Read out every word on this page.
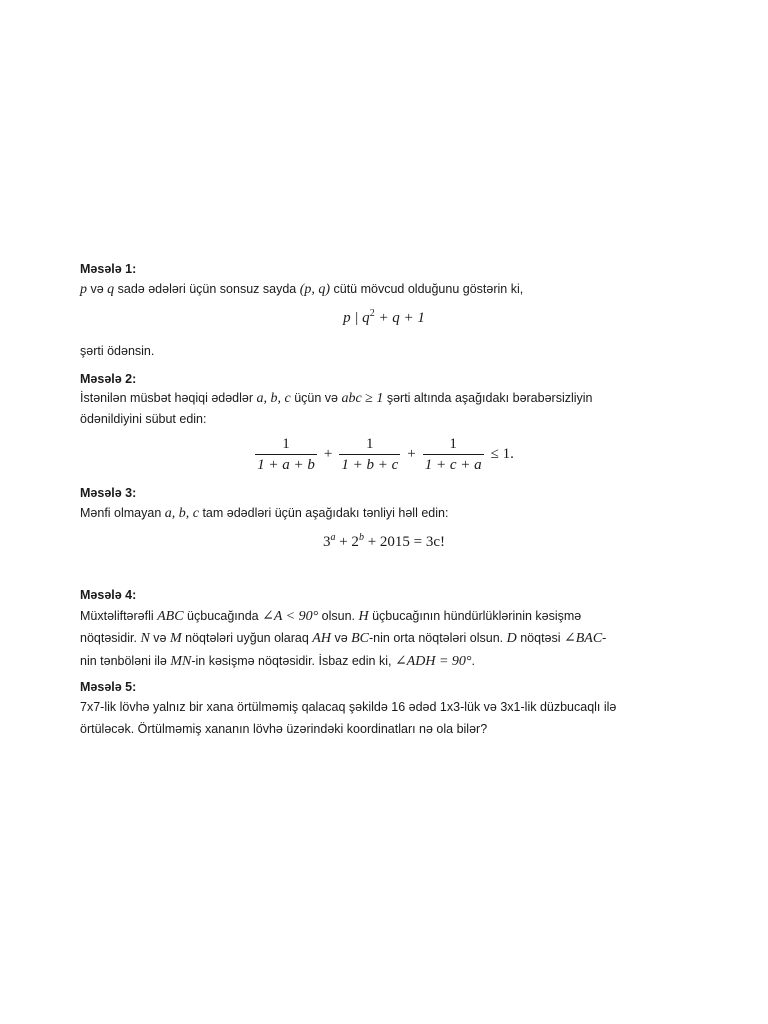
Məsələ 1:

p və q sadə ədələri üçün sonsuz sayda (p, q) cütü mövcud olduğunu göstərin ki,

p | $q^2 + q + 1$

şərti ödənsin.

Məsələ 2:

İstənilən müsbət həqiqi ədədlər a, b, c üçün və abc ≥ 1 şərti altında aşağıdakı bərabərsizliyin

ödənildiyini sübut edin:

$\frac{1}{1 + a + b} + \frac{1}{1 + b + c} + \frac{1}{1 + c + a} \le 1$.

Məsələ 3:

Mənfi olmayan a, b, c tam ədədləri üçün aşağıdakı tənliyi həll edin:

$3^a + 2^b + 2015 = 3c$!

Məsələ 4:

Müxtəliftərəfli ABC üçbucağında ∠A < 90° olsun. H üçbucağının hündürlüklərinin kəsişmə

nöqtəsidir. N və M nöqtələri uyğun olaraq AH və BC-nin orta nöqtələri olsun. D nöqtəsi ∠BAC-

nin tənböləni ilə MN-in kəsişmə nöqtəsidir. İsbaz edin ki, ∠ADH = 90°.

Məsələ 5:

7x7-lik lövhə yalnız bir xana örtülməmiş qalacaq şəkildə 16 ədəd 1x3-lük və 3x1-lik düzbucaqlı ilə

örtüləcək. Örtülməmiş xananın lövhə üzərindəki koordinatları nə ola bilər?
